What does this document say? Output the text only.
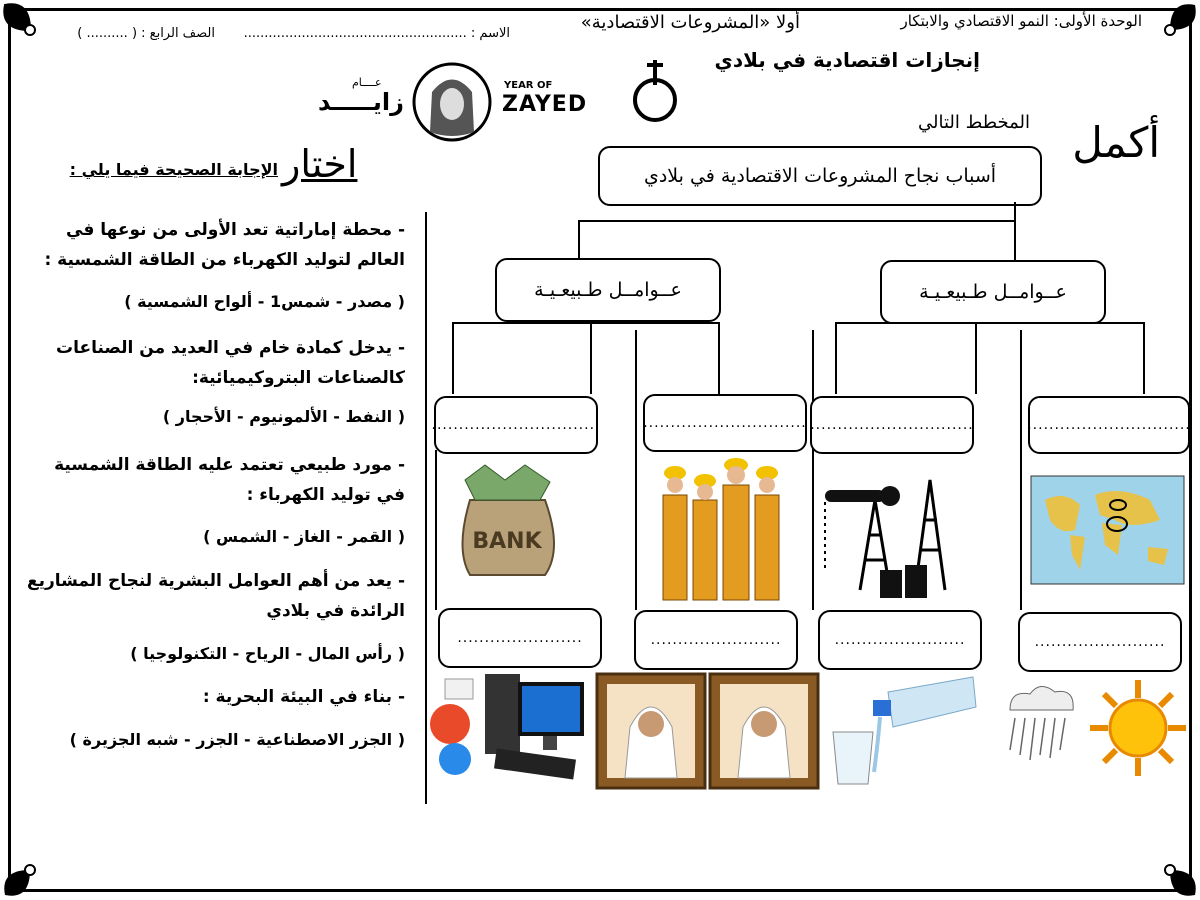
الوحدة الأولى: النمو الاقتصادي والابتكار
أولا «المشروعات الاقتصادية»
الاسم : ......................................................
الصف الرابع : ( .......... )
إنجازات اقتصادية في بلادي
YEAR OF
ZAYED
عــــام
زايـــــد
أكمل
المخطط التالي
أسباب نجاح المشروعات الاقتصادية في بلادي
عــوامــل طـبيعـيـة
عــوامــل طـبيعـيـة
..............................
..............................
..............................
...............................
BANK
........................
........................
........................
.......................
اختار
الإجابة الصحيحة فيما يلي :
- محطة إماراتية تعد الأولى من نوعها في العالم لتوليد الكهرباء من الطاقة الشمسية :
( مصدر - شمس1 - ألواح الشمسية )
- يدخل كمادة خام في العديد من الصناعات كالصناعات البتروكيميائية:
( النفط - الألمونيوم - الأحجار )
- مورد طبيعي تعتمد عليه الطاقة الشمسية في توليد الكهرباء :
( القمر - الغاز - الشمس )
- يعد من أهم العوامل البشرية لنجاح المشاريع الرائدة في بلادي
( رأس المال - الرياح - التكنولوجيا )
- بناء في البيئة البحرية :
( الجزر الاصطناعية - الجزر - شبه الجزيرة )
